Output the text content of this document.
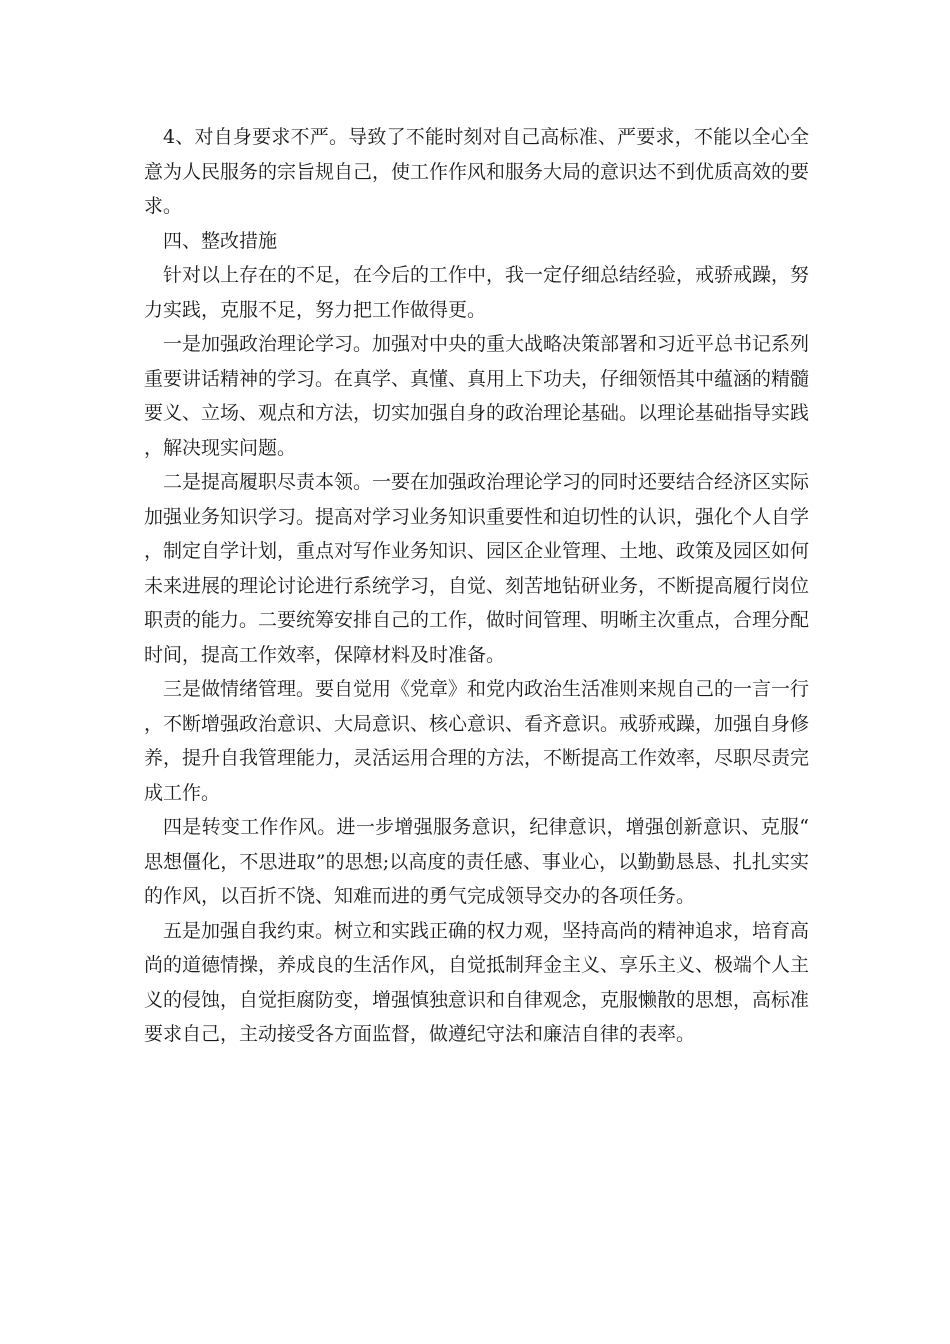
4、对自身要求不严。导致了不能时刻对自己高标准、严要求，不能以全心全意为人民服务的宗旨规自己，使工作作风和服务大局的意识达不到优质高效的要求。

四、整改措施

针对以上存在的不足，在今后的工作中，我一定仔细总结经验，戒骄戒躁，努力实践，克服不足，努力把工作做得更。

一是加强政治理论学习。加强对中央的重大战略决策部署和习近平总书记系列重要讲话精神的学习。在真学、真懂、真用上下功夫，仔细领悟其中蕴涵的精髓要义、立场、观点和方法，切实加强自身的政治理论基础。以理论基础指导实践，解决现实问题。

二是提高履职尽责本领。一要在加强政治理论学习的同时还要结合经济区实际加强业务知识学习。提高对学习业务知识重要性和迫切性的认识，强化个人自学，制定自学计划，重点对写作业务知识、园区企业管理、土地、政策及园区如何未来进展的理论讨论进行系统学习，自觉、刻苦地钻研业务，不断提高履行岗位职责的能力。二要统筹安排自己的工作，做时间管理、明晰主次重点，合理分配时间，提高工作效率，保障材料及时准备。

三是做情绪管理。要自觉用《党章》和党内政治生活准则来规自己的一言一行，不断增强政治意识、大局意识、核心意识、看齐意识。戒骄戒躁，加强自身修养，提升自我管理能力，灵活运用合理的方法，不断提高工作效率，尽职尽责完成工作。

四是转变工作作风。进一步增强服务意识，纪律意识，增强创新意识、克服“思想僵化，不思进取”的思想;以高度的责任感、事业心，以勤勤恳恳、扎扎实实的作风，以百折不饶、知难而进的勇气完成领导交办的各项任务。

五是加强自我约束。树立和实践正确的权力观，坚持高尚的精神追求，培育高尚的道德情操，养成良的生活作风，自觉抵制拜金主义、享乐主义、极端个人主义的侵蚀，自觉拒腐防变，增强慎独意识和自律观念，克服懒散的思想，高标准要求自己，主动接受各方面监督，做遵纪守法和廉洁自律的表率。
